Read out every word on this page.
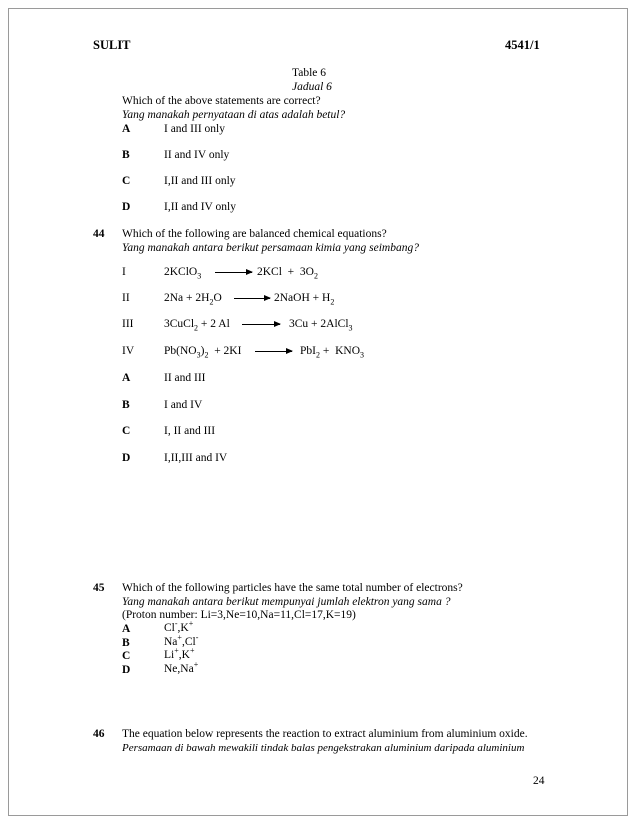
SULIT	4541/1
Table 6
Jadual 6
Which of the above statements are correct?
Yang manakah pernyataan di atas adalah betul?
A	I and III only
B	II and IV only
C	I,II and III only
D	I,II and IV only
44 Which of the following are balanced chemical equations?
Yang manakah antara berikut persamaan kimia yang seimbang?
I	2KClO$_3$ → $2KCl + 3O_2$
II	$2Na + 2H_2O$ → 2NaOH + $H_2$
III	3CuCl$_2$ + 2 Al → 3Cu + 2AlCl$_3$
IV	$Pb(NO_3)_2 + 2KI \to PbI_2 + KNO_3$
A	II and III
B	I and IV
C	I, II and III
D	I,II,III and IV
45 Which of the following particles have the same total number of electrons?
Yang manakah antara berikut mempunyai jumlah elektron yang sama ?
(Proton number: Li=3,Ne=10,Na=11,Cl=17,K=19)
A	Cl-,K+
B	Na+,Cl-
C	Li+,K+
D	Ne,Na+
46 The equation below represents the reaction to extract aluminium from aluminium oxide.
Persamaan di bawah mewakili tindak balas pengekstrakan aluminium daripada aluminium
24
